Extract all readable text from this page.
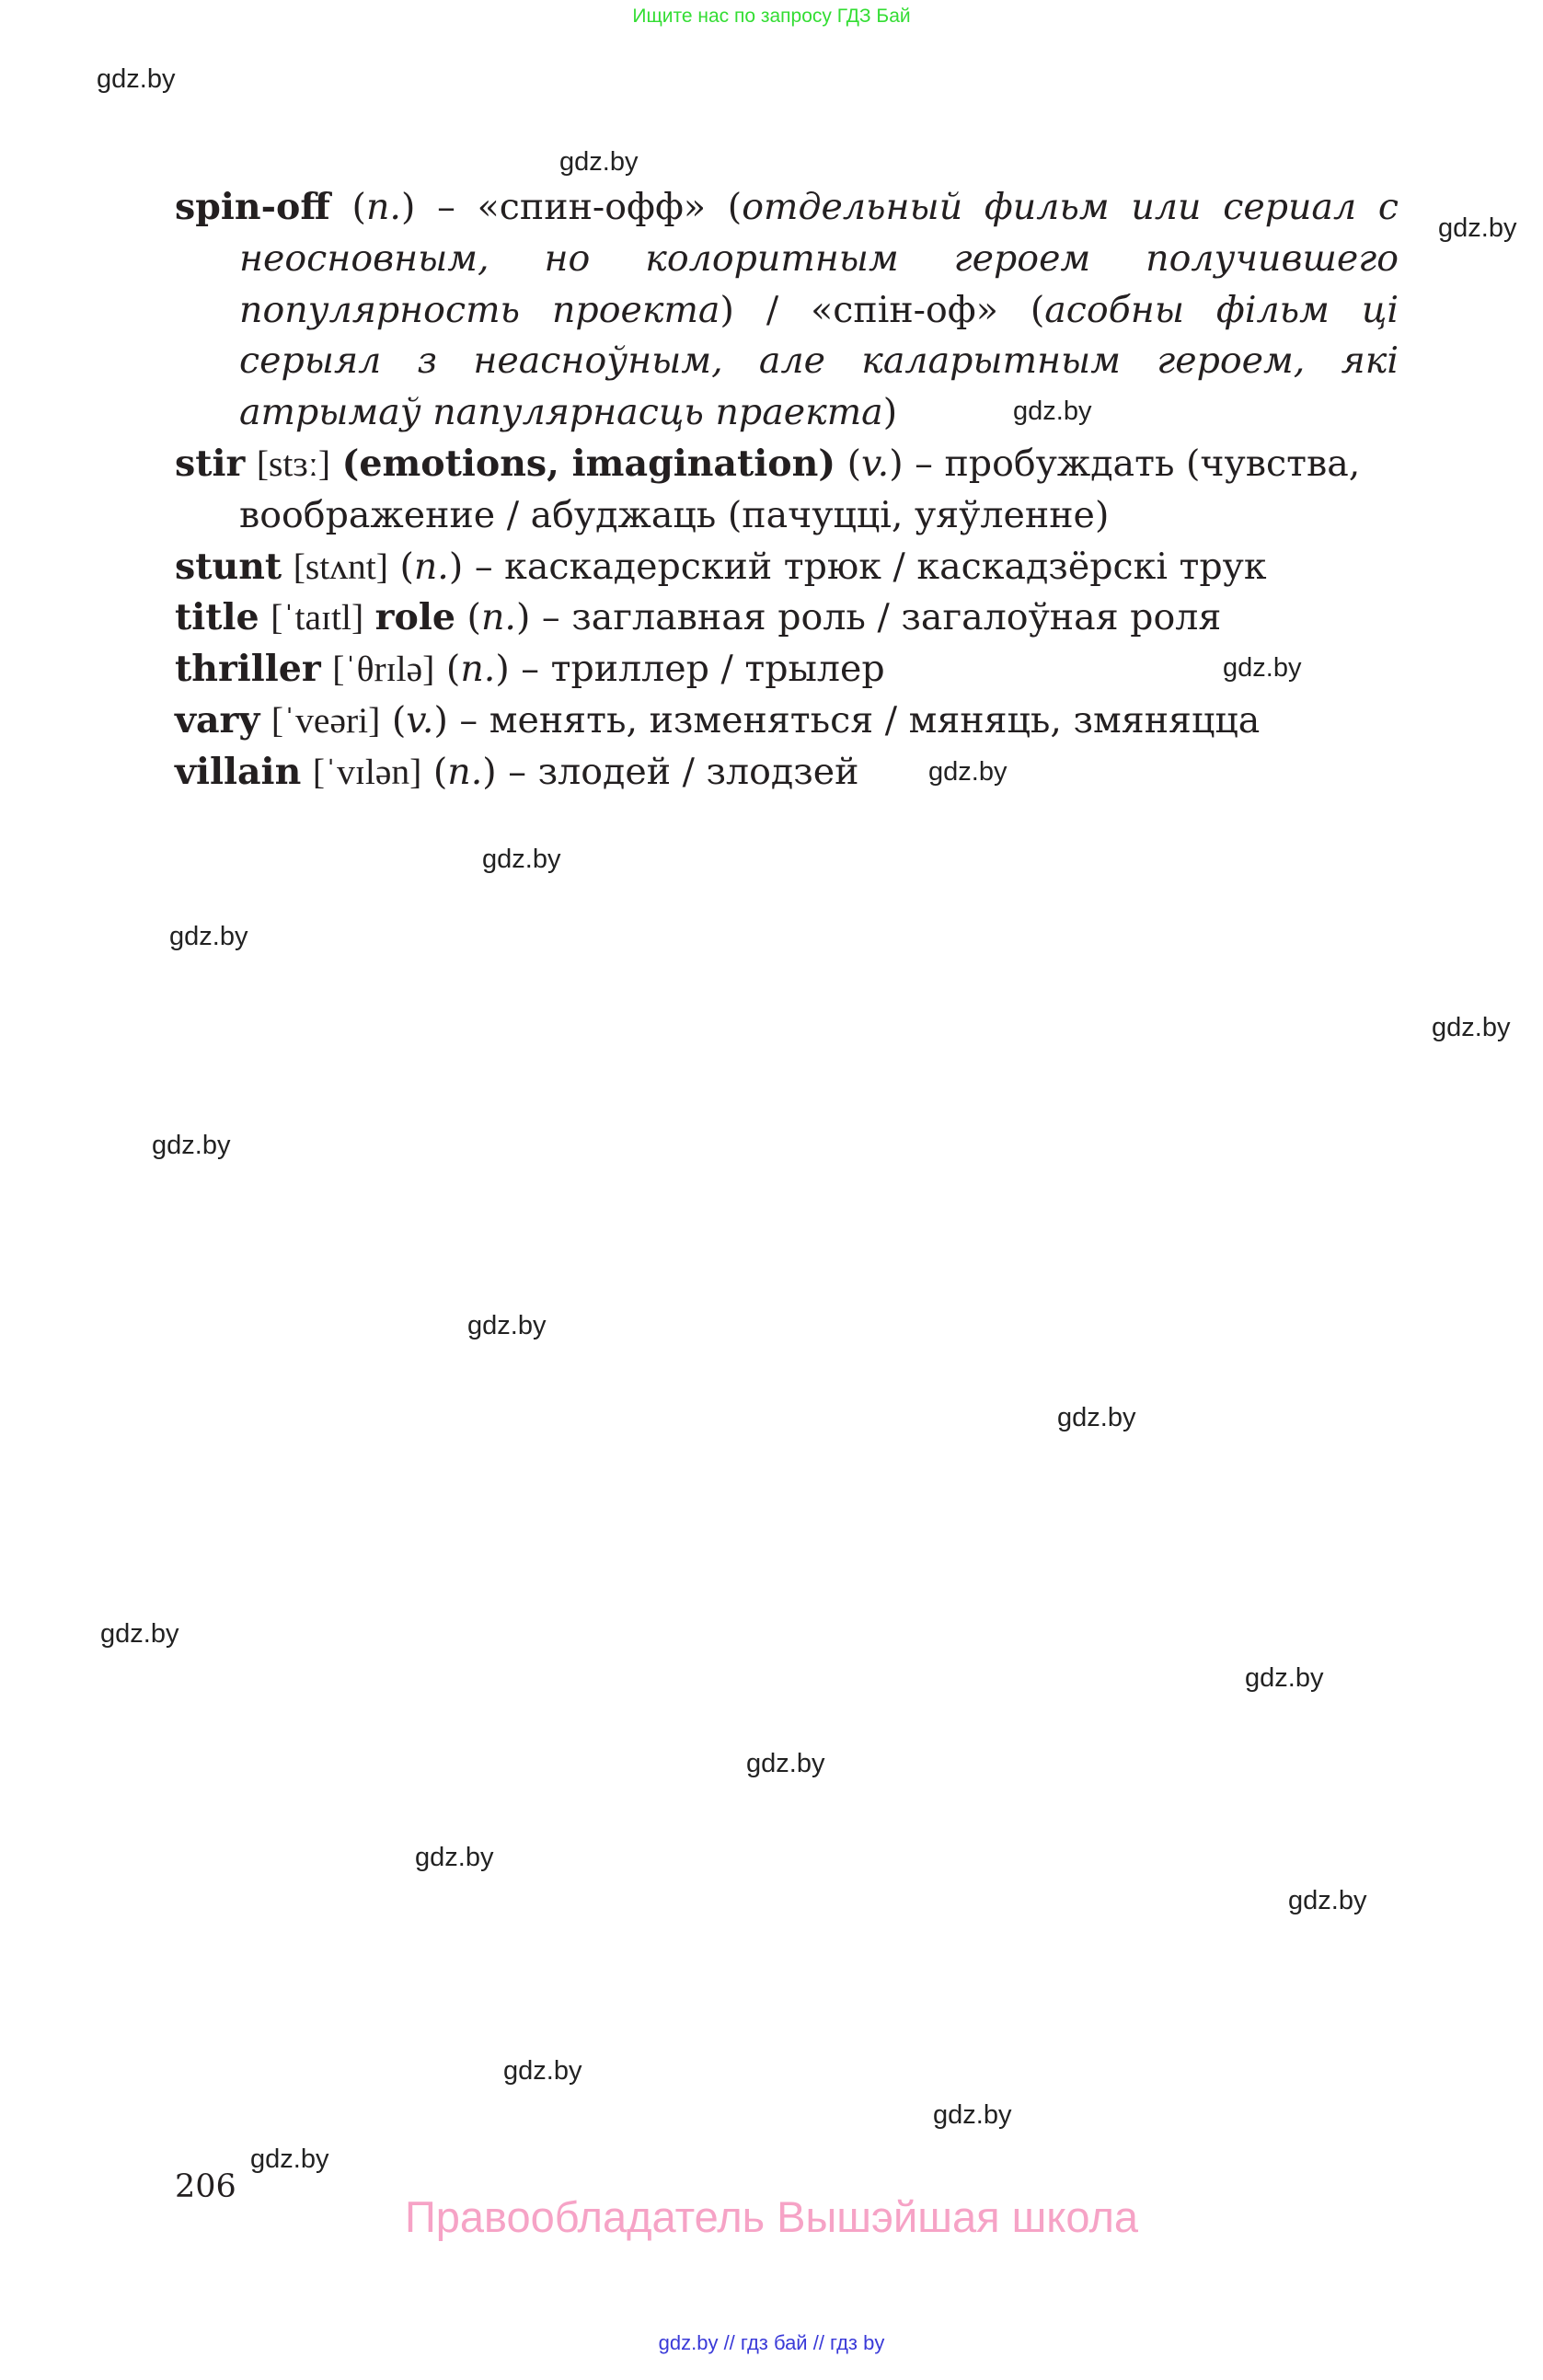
Ищите нас по запросу ГДЗ Бай
gdz.by
gdz.by
gdz.by
gdz.by
gdz.by
gdz.by
gdz.by
gdz.by
gdz.by
gdz.by
gdz.by
gdz.by
gdz.by
gdz.by
gdz.by
gdz.by
gdz.by
gdz.by
gdz.by
gdz.by
spin-off (n.) – «спин-офф» (отдельный фильм или сериал с неосновным, но колоритным героем получившего популярность проекта) / «спін-оф» (асобны фільм ці серыял з неасноўным, але каларытным героем, які атрымаў папулярнасць праекта)
stir [stɜː] (emotions, imagination) (v.) – пробуждать (чувства, воображение / абуджаць (пачуцці, уяўленне)
stunt [stʌnt] (n.) – каскадерский трюк / каскадзёрскі трук
title [ˈtaɪtl] role (n.) – заглавная роль / загалоўная роля
thriller [ˈθrɪlə] (n.) – триллер / трылер
vary [ˈveəri] (v.) – менять, изменяться / мяняць, змяняцца
villain [ˈvɪlən] (n.) – злодей / злодзей
206
Правообладатель Вышэйшая школа
gdz.by // гдз бай // гдз by
